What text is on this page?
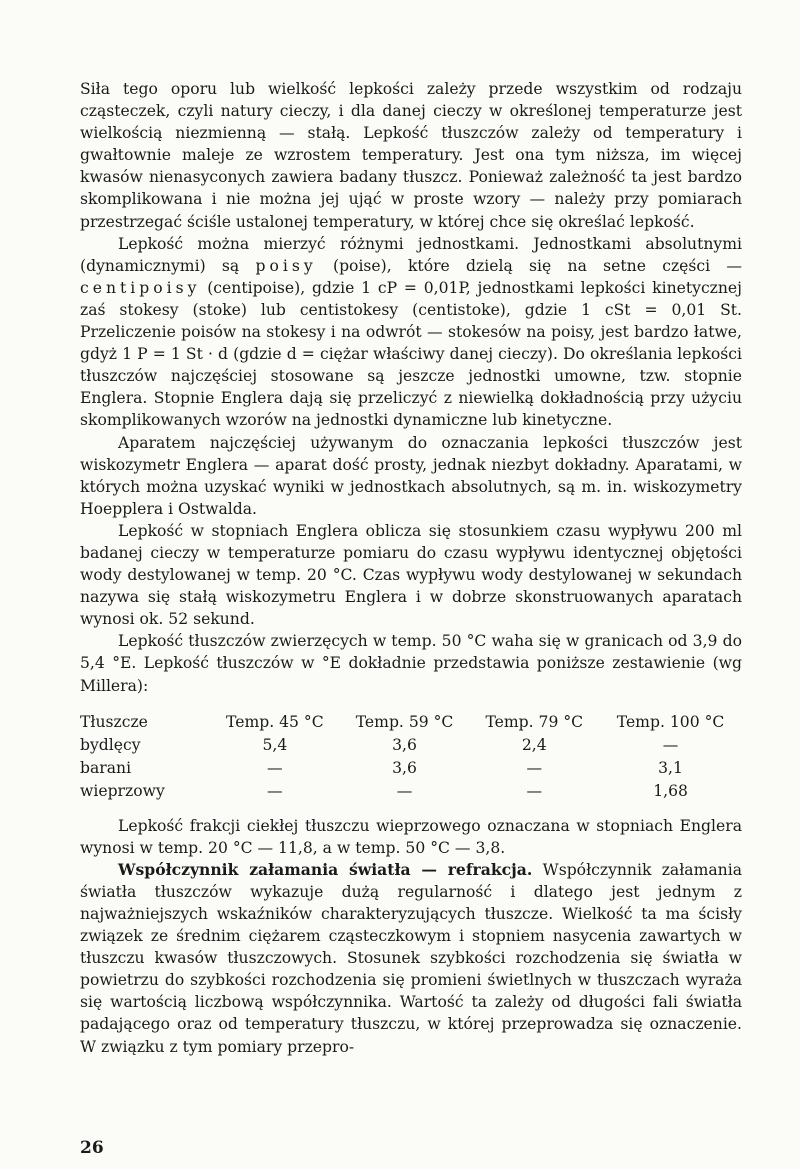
Siła tego oporu lub wielkość lepkości zależy przede wszystkim od rodzaju cząsteczek, czyli natury cieczy, i dla danej cieczy w określonej temperaturze jest wielkością niezmienną — stałą. Lepkość tłuszczów zależy od temperatury i gwałtownie maleje ze wzrostem temperatury. Jest ona tym niższa, im więcej kwasów nienasyconych zawiera badany tłuszcz. Ponieważ zależność ta jest bardzo skomplikowana i nie można jej ująć w proste wzory — należy przy pomiarach przestrzegać ściśle ustalonej temperatury, w której chce się określać lepkość.

Lepkość można mierzyć różnymi jednostkami. Jednostkami absolutnymi (dynamicznymi) są poisy (poise), które dzielą się na setne części — centipoisy (centipoise), gdzie 1 cP = 0,01P, jednostkami lepkości kinetycznej zaś stokesy (stoke) lub centistokesy (centistoke), gdzie 1 cSt = 0,01 St. Przeliczenie poisów na stokesy i na odwrót — stokesów na poisy, jest bardzo łatwe, gdyż 1 P = 1 St · d (gdzie d = ciężar właściwy danej cieczy). Do określania lepkości tłuszczów najczęściej stosowane są jeszcze jednostki umowne, tzw. stopnie Englera. Stopnie Englera dają się przeliczyć z niewielką dokładnością przy użyciu skomplikowanych wzorów na jednostki dynamiczne lub kinetyczne.

Aparatem najczęściej używanym do oznaczania lepkości tłuszczów jest wiskozymetr Englera — aparat dość prosty, jednak niezbyt dokładny. Aparatami, w których można uzyskać wyniki w jednostkach absolutnych, są m. in. wiskozymetry Hoepplera i Ostwalda.

Lepkość w stopniach Englera oblicza się stosunkiem czasu wypływu 200 ml badanej cieczy w temperaturze pomiaru do czasu wypływu identycznej objętości wody destylowanej w temp. 20 °C. Czas wypływu wody destylowanej w sekundach nazywa się stałą wiskozymetru Englera i w dobrze skonstruowanych aparatach wynosi ok. 52 sekund.

Lepkość tłuszczów zwierzęcych w temp. 50 °C waha się w granicach od 3,9 do 5,4 °E. Lepkość tłuszczów w °E dokładnie przedstawia poniższe zestawienie (wg Millera):

Tłuszcze	Temp. 45 °C	Temp. 59 °C	Temp. 79 °C	Temp. 100 °C
bydlęcy	5,4	3,6	2,4	—
barani	—	3,6	—	3,1
wieprzowy	—	—	—	1,68

Lepkość frakcji ciekłej tłuszczu wieprzowego oznaczana w stopniach Englera wynosi w temp. 20 °C — 11,8, a w temp. 50 °C — 3,8.

Współczynnik załamania światła — refrakcja. Współczynnik załamania światła tłuszczów wykazuje dużą regularność i dlatego jest jednym z najważniejszych wskaźników charakteryzujących tłuszcze. Wielkość ta ma ścisły związek ze średnim ciężarem cząsteczkowym i stopniem nasycenia zawartych w tłuszczu kwasów tłuszczowych. Stosunek szybkości rozchodzenia się światła w powietrzu do szybkości rozchodzenia się promieni świetlnych w tłuszczach wyraża się wartością liczbową współczynnika. Wartość ta zależy od długości fali światła padającego oraz od temperatury tłuszczu, w której przeprowadza się oznaczenie. W związku z tym pomiary przepro-

26
